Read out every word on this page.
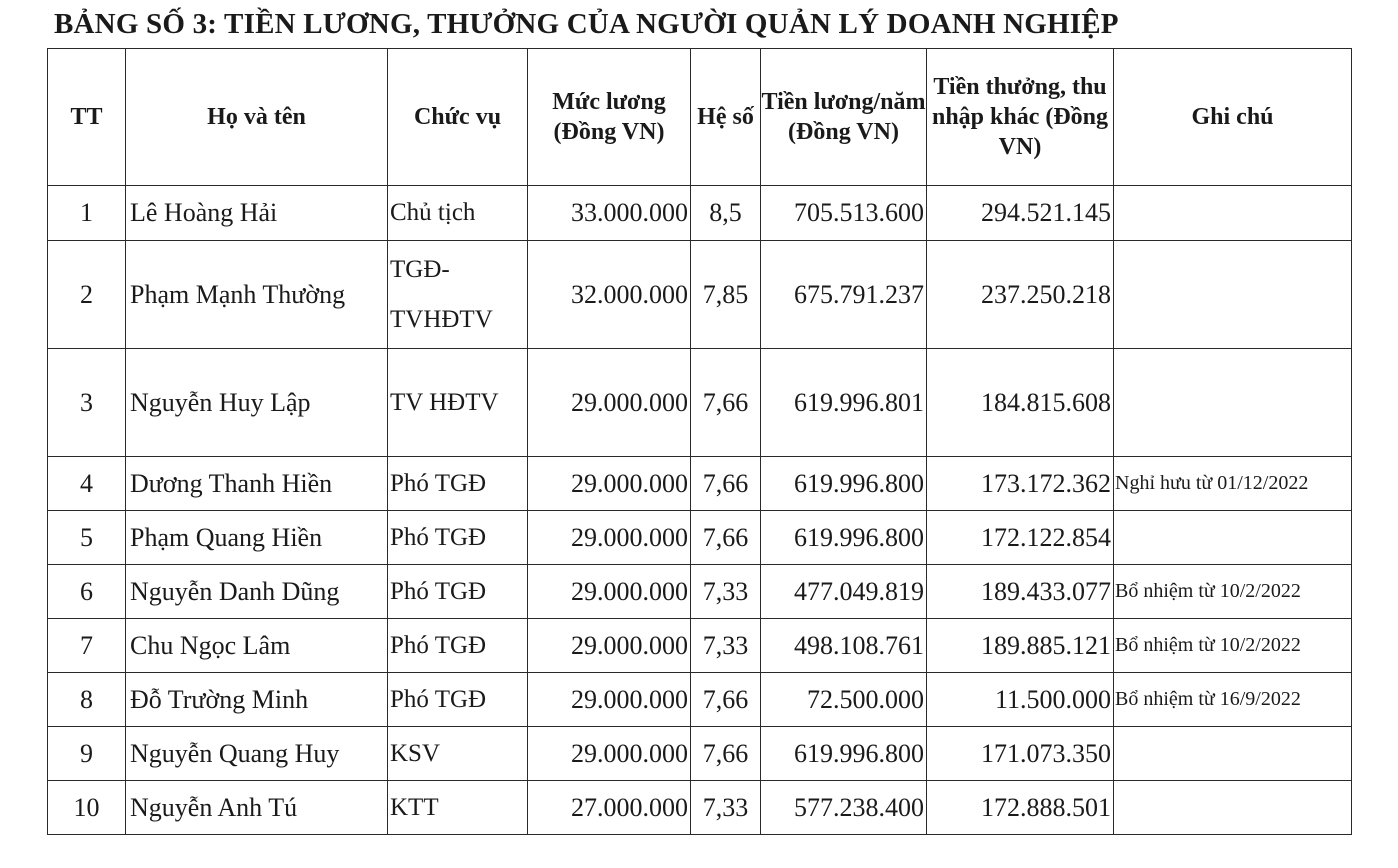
BẢNG SỐ 3: TIỀN LƯƠNG, THƯỞNG CỦA NGƯỜI QUẢN LÝ DOANH NGHIỆP
TT	Họ và tên	Chức vụ	Mức lương (Đồng VN)	Hệ số	Tiền lương/năm (Đồng VN)	Tiền thưởng, thu nhập khác (Đồng VN)	Ghi chú
1	Lê Hoàng Hải	Chủ tịch	33.000.000	8,5	705.513.600	294.521.145	
2	Phạm Mạnh Thường	TGĐ-TVHĐTV	32.000.000	7,85	675.791.237	237.250.218	
3	Nguyễn Huy Lập	TV HĐTV	29.000.000	7,66	619.996.801	184.815.608	
4	Dương Thanh Hiền	Phó TGĐ	29.000.000	7,66	619.996.800	173.172.362	Nghỉ hưu từ 01/12/2022
5	Phạm Quang Hiền	Phó TGĐ	29.000.000	7,66	619.996.800	172.122.854	
6	Nguyễn Danh Dũng	Phó TGĐ	29.000.000	7,33	477.049.819	189.433.077	Bổ nhiệm từ 10/2/2022
7	Chu Ngọc Lâm	Phó TGĐ	29.000.000	7,33	498.108.761	189.885.121	Bổ nhiệm từ 10/2/2022
8	Đỗ Trường Minh	Phó TGĐ	29.000.000	7,66	72.500.000	11.500.000	Bổ nhiệm từ 16/9/2022
9	Nguyễn Quang Huy	KSV	29.000.000	7,66	619.996.800	171.073.350	
10	Nguyễn Anh Tú	KTT	27.000.000	7,33	577.238.400	172.888.501	
